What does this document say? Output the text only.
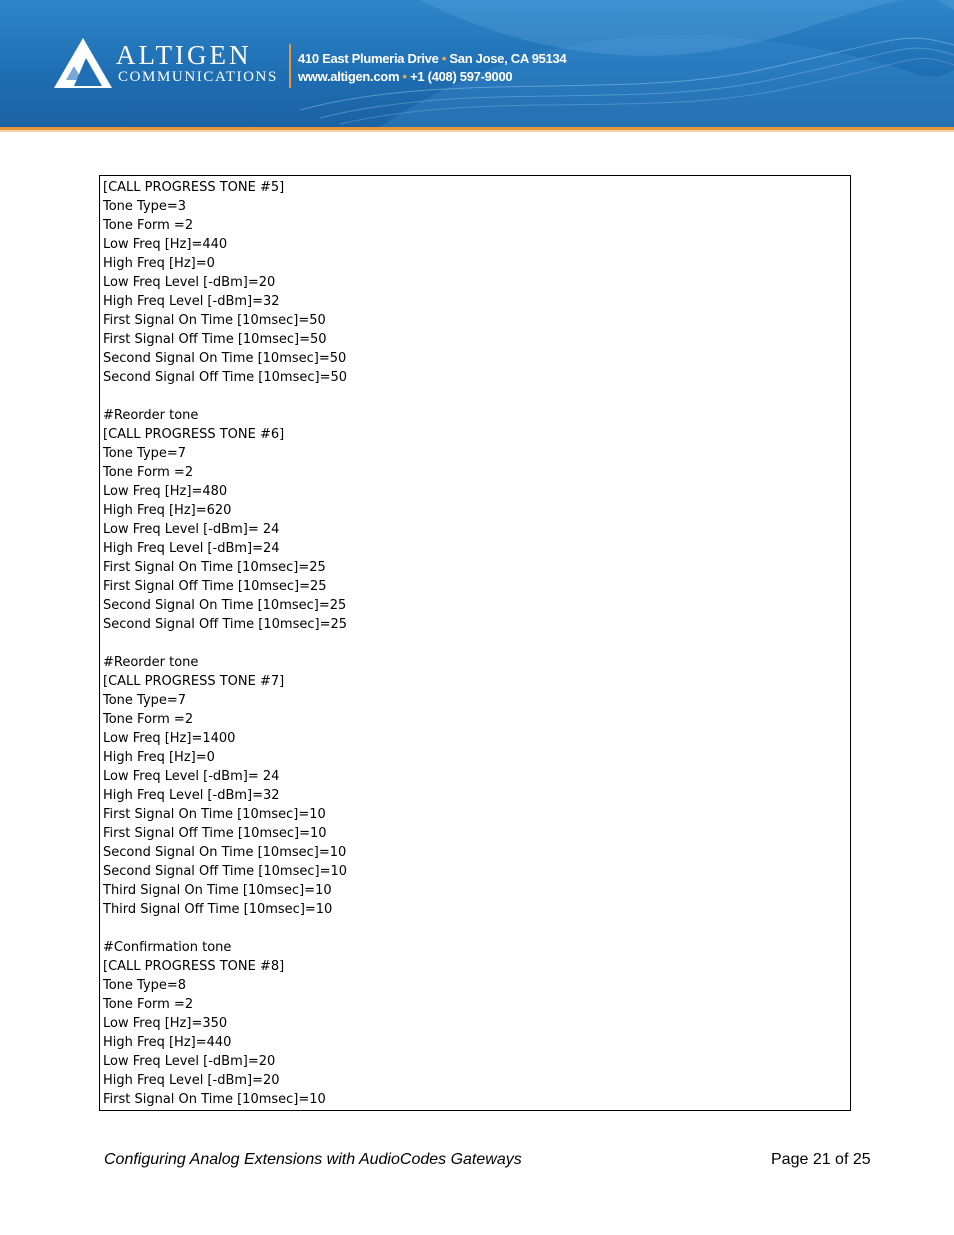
ALTIGEN
COMMUNICATIONS
410 East Plumeria Drive • San Jose, CA 95134
www.altigen.com • +1 (408) 597-9000
[CALL PROGRESS TONE #5]
Tone Type=3
Tone Form =2
Low Freq [Hz]=440
High Freq [Hz]=0
Low Freq Level [-dBm]=20
High Freq Level [-dBm]=32
First Signal On Time [10msec]=50
First Signal Off Time [10msec]=50
Second Signal On Time [10msec]=50
Second Signal Off Time [10msec]=50
#Reorder tone
[CALL PROGRESS TONE #6]
Tone Type=7
Tone Form =2
Low Freq [Hz]=480
High Freq [Hz]=620
Low Freq Level [-dBm]= 24
High Freq Level [-dBm]=24
First Signal On Time [10msec]=25
First Signal Off Time [10msec]=25
Second Signal On Time [10msec]=25
Second Signal Off Time [10msec]=25
#Reorder tone
[CALL PROGRESS TONE #7]
Tone Type=7
Tone Form =2
Low Freq [Hz]=1400
High Freq [Hz]=0
Low Freq Level [-dBm]= 24
High Freq Level [-dBm]=32
First Signal On Time [10msec]=10
First Signal Off Time [10msec]=10
Second Signal On Time [10msec]=10
Second Signal Off Time [10msec]=10
Third Signal On Time [10msec]=10
Third Signal Off Time [10msec]=10
#Confirmation tone
[CALL PROGRESS TONE #8]
Tone Type=8
Tone Form =2
Low Freq [Hz]=350
High Freq [Hz]=440
Low Freq Level [-dBm]=20
High Freq Level [-dBm]=20
First Signal On Time [10msec]=10
Configuring Analog Extensions with AudioCodes Gateways	Page 21 of 25
